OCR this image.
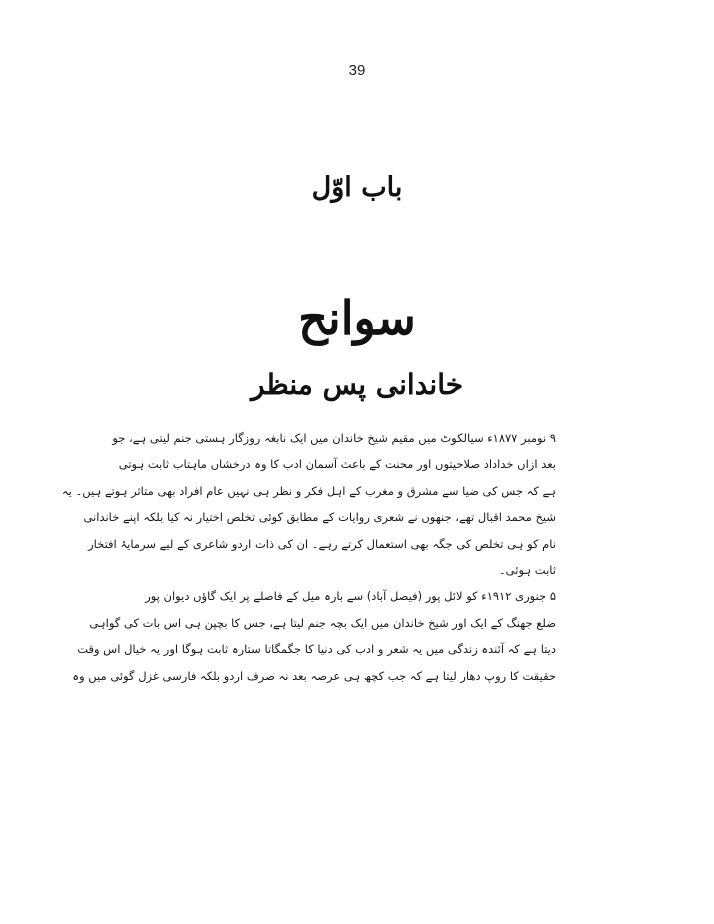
39
باب اوّل
سوانح
خاندانی پس منظر
۹ نومبر ۱۸۷۷ء سیالکوٹ میں مقیم شیخ خاندان میں ایک نابغہ روزگار ہستی جنم لیتی ہے، جو
بعد ازاں خداداد صلاحیتوں اور محنت کے باعث آسمان ادب کا وہ درخشاں ماہتاب ثابت ہوتی
ہے کہ جس کی ضیا سے مشرق و مغرب کے اہل فکر و نظر ہی نہیں عام افراد بھی متاثر ہوتے ہیں۔ یہ
شیخ محمد اقبال تھے، جنھوں نے شعری روایات کے مطابق کوئی تخلص اختیار نہ کیا بلکہ اپنے خاندانی
نام کو ہی تخلص کی جگہ بھی استعمال کرتے رہے۔ ان کی ذات اردو شاعری کے لیے سرمایۂ افتخار
ثابت ہوئی۔
۵ جنوری ۱۹۱۲ء کو لائل پور (فیصل آباد) سے بارہ میل کے فاصلے پر ایک گاؤں دیوان پور
ضلع جھنگ کے ایک اور شیخ خاندان میں ایک بچہ جنم لیتا ہے، جس کا بچپن ہی اس بات کی گواہی
دیتا ہے کہ آئندہ زندگی میں یہ شعر و ادب کی دنیا کا جگمگاتا ستارہ ثابت ہوگا اور یہ خیال اس وقت
حقیقت کا روپ دھار لیتا ہے کہ جب کچھ ہی عرصہ بعد نہ صرف اردو بلکہ فارسی غزل گوئی میں وہ
